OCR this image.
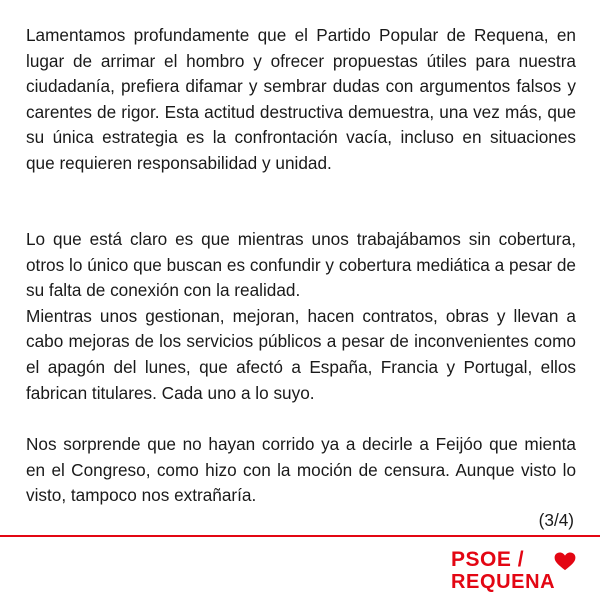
Lamentamos profundamente que el Partido Popular de Requena, en lugar de arrimar el hombro y ofrecer propuestas útiles para nuestra ciudadanía, prefiera difamar y sembrar dudas con argumentos falsos y carentes de rigor. Esta actitud destructiva demuestra, una vez más, que su única estrategia es la confrontación vacía, incluso en situaciones que requieren responsabilidad y unidad.

Lo que está claro es que mientras unos trabajábamos sin cobertura, otros lo único que buscan es confundir y cobertura mediática a pesar de su falta de conexión con la realidad.

Mientras unos gestionan, mejoran, hacen contratos, obras y llevan a cabo mejoras de los servicios públicos a pesar de inconvenientes como el apagón del lunes, que afectó a España, Francia y Portugal, ellos fabrican titulares. Cada uno a lo suyo.

Nos sorprende que no hayan corrido ya a decirle a Feijóo que mienta en el Congreso, como hizo con la moción de censura. Aunque visto lo visto, tampoco nos extrañaría.

(3/4)
PSOE /
REQUENA
